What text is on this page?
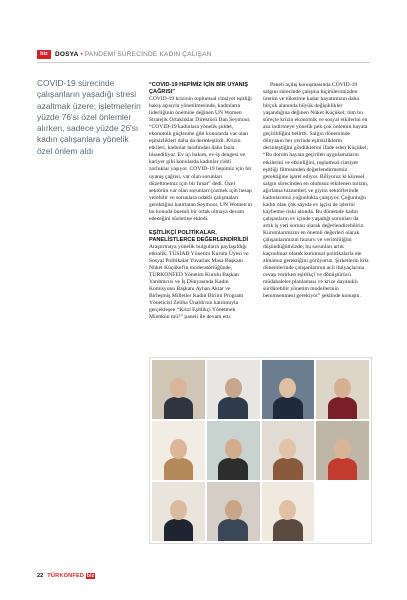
biz	DOSYA • PANDEMİ SÜRECİNDE KADIN ÇALIŞAN
COVID-19 sürecinde çalışanların yaşadığı stresi azaltmak üzere; işletmelerin yüzde 76'sı özel önlemler alırken, sadece yüzde 26'sı kadın çalışanlara yönelik özel önlem aldı
“COVID-19 HEPİMİZ İÇİN BİR UYANIŞ ÇAĞRISI”

COVID-19 krizinin toplumsal cinsiyet eşitliği bakış açısıyla yönetilmesinde, kadınların liderliğinin önemine değinen UN Women Stratejik Ortaklıklar Direktörü Dan Seymour, “COVID-19 kadınlara yönelik şiddet, ekonomik güçlenme gibi konularda var olan eşitsizlikleri daha da derinleştirdi. Krizin etkileri, kadınlar tarafından daha fazla hissediliyor. Ev içi bakım, ev-iş dengesi ve kariyer gibi konularda kadınlar ciddi zorluklar yaşıyor. COVID-19 hepimiz için bir uyanış çağrısı, var olan sorunları düzeltmemiz için bir fırsat” dedi. Özel sektörün var olan sorunları çözmek için hesap verebilir ve sorunlara odaklı çalışmaları gerektiğini hatırlatan Seymour, UN Women'ın bu konuda önemli bir ortak olmaya devam edeceğini sözlerine ekledi.

EŞİTLİKÇİ POLİTİKALAR, PANELİSTLERCE DEĞERLENDİRİLDİ

Araştırmaya yönelik bulguların paylaşıldığı etkinlik; TÜSİAD Yönetim Kurulu Üyesi ve Sosyal Politikalar Yuvarlak Masa Başkanı Nüket Küçükel'in moderatörlüğünde, TÜRKONFED Yönetim Kurulu Başkan Yardımcısı ve İş Dünyasında Kadın Komisyonu Başkanı Ayhan Aktar ve Birleşmiş Milletler Kadın Birimi Program Yöneticisi Zeliha Ünaldı'nın katılımıyla gerçekleşen “Krizi Eşitlikçi Yönetmek Mümkün mü?” paneli ile devam etti.

Paneli açılış konuşmasında COVID-19 salgını sürecinde çalışma biçimlerimizden üretim ve tüketime kadar hayatımızın daha birçok alanında büyük değişiklikler yaşandığına değinen Nüket Küçükel; tüm bu süreçte krizin ekonomik ve sosyal etkilerini en aza indirmeye yönelik pek çok önlemin hayata geçirildiğini belirtti. Salgın döneminde dünyanın her yerinde eşitsizliklerin derinleştiğini gördüklerini ifade eden Küçükel; “Bu dorum hayata geçirilen uygulamaların etkilerini ve etkinliğini, toplumsal cinsiyet eşitliği filtresinden değerlendirmemiz gerektiğine işaret ediyor. Biliyoruz ki küresel salgın sürecinden en olumsuz etkilenen turizm, ağırlama hizmetleri ve giyim sektörlerinde kadınlarımız yoğunlukla çalışıyor. Çoğunluğu kadın olan çok sayıda ev işçisi de işlerini kaybetme riski altında. Bu dönemde kadın çalışanların ev içinde yaşadığı sorunları da artık iş yeri sorunu olarak değerlendirebiliriz. Kurumlarımızın en önemli değerleri olarak çalışanlarımızın huzuru ve verimliliğini düşündüğümüzde; bu sorunları artık kaçınılmaz olarak kurumsal politikalarla ele almamız gerektiğini görüyoruz. Şirketlerin kriz dönemlerinde çalışanlarının acil ihtiyaçlarına cevap verirken eşitlikçi ve dönüştürücü müdahaleler planlaması ve krize dayanıklı sürdürebilir yönetim modellerinin benimsenmesi gerekiyor” şeklinde konuştu.

22 TÜRKONFED biz
